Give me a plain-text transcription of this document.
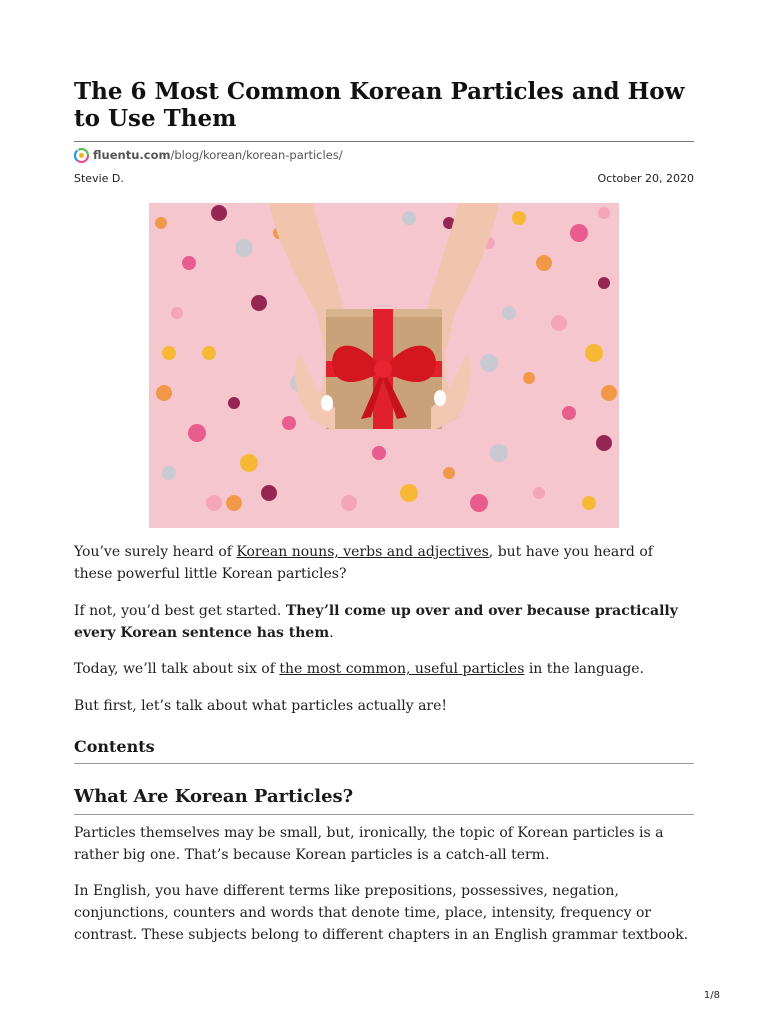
The 6 Most Common Korean Particles and How to Use Them
fluentu.com/blog/korean/korean-particles/
Stevie D.	October 20, 2020

You’ve surely heard of Korean nouns, verbs and adjectives, but have you heard of these powerful little Korean particles?

If not, you’d best get started. They’ll come up over and over because practically every Korean sentence has them.

Today, we’ll talk about six of the most common, useful particles in the language.

But first, let’s talk about what particles actually are!

Contents
What Are Korean Particles?

Particles themselves may be small, but, ironically, the topic of Korean particles is a rather big one. That’s because Korean particles is a catch-all term.

In English, you have different terms like prepositions, possessives, negation, conjunctions, counters and words that denote time, place, intensity, frequency or contrast. These subjects belong to different chapters in an English grammar textbook.

1/8
